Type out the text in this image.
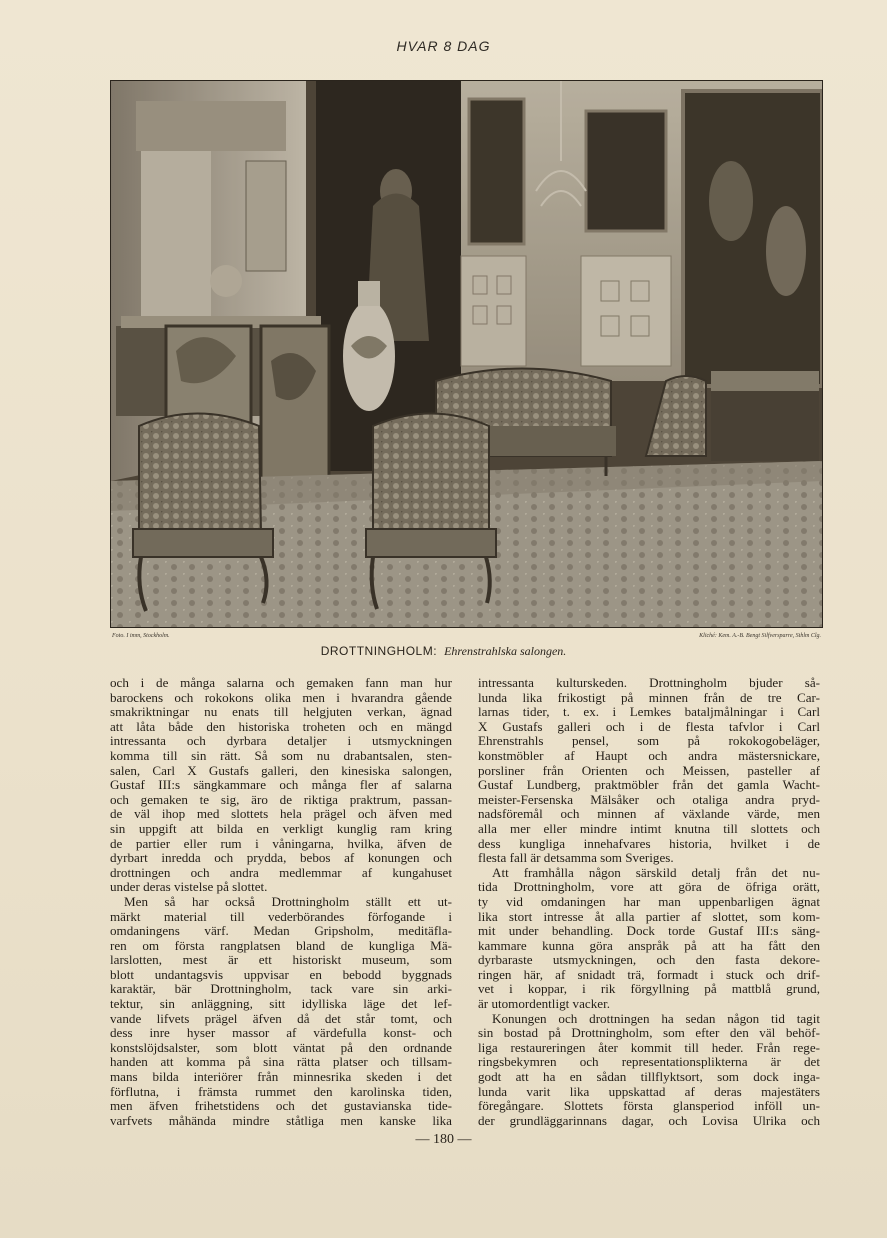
HVAR 8 DAG
Foto. I imm, Stockholm.	Kliché: Kem. A.-B. Bengt Silfversparre, Sthlm Clg.
DROTTNINGHOLM: Ehrenstrahlska salongen.
och i de många salarna och gemaken fann man hur
barockens och rokokons olika men i hvarandra gående
smakriktningar nu enats till helgjuten verkan, ägnad
att låta både den historiska troheten och en mängd
intressanta och dyrbara detaljer i utsmyckningen
komma till sin rätt. Så som nu drabantsalen, sten-
salen, Carl X Gustafs galleri, den kinesiska salongen,
Gustaf III:s sängkammare och många fler af salarna
och gemaken te sig, äro de riktiga praktrum, passan-
de väl ihop med slottets hela prägel och äfven med
sin uppgift att bilda en verkligt kunglig ram kring
de partier eller rum i våningarna, hvilka, äfven de
dyrbart inredda och prydda, bebos af konungen och
drottningen och andra medlemmar af kungahuset
under deras vistelse på slottet.
Men så har också Drottningholm ställt ett ut-
märkt material till vederbörandes förfogande i
omdaningens värf. Medan Gripsholm, meditäfla-
ren om första rangplatsen bland de kungliga Mä-
larslotten, mest är ett historiskt museum, som
blott undantagsvis uppvisar en bebodd byggnads
karaktär, bär Drottningholm, tack vare sin arki-
tektur, sin anläggning, sitt idylliska läge det lef-
vande lifvets prägel äfven då det står tomt, och
dess inre hyser massor af värdefulla konst- och
konstslöjdsalster, som blott väntat på den ordnande
handen att komma på sina rätta platser och tillsam-
mans bilda interiörer från minnesrika skeden i det
förflutna, i främsta rummet den karolinska tiden,
men äfven frihetstidens och det gustavianska tide-
varfvets måhända mindre ståtliga men kanske lika
intressanta kulturskeden. Drottningholm bjuder så-
lunda lika frikostigt på minnen från de tre Car-
larnas tider, t. ex. i Lemkes bataljmålningar i Carl
X Gustafs galleri och i de flesta tafvlor i Carl
Ehrenstrahls pensel, som på rokokogobeläger,
konstmöbler af Haupt och andra mästersnickare,
porsliner från Orienten och Meissen, pasteller af
Gustaf Lundberg, praktmöbler från det gamla Wacht-
meister-Fersenska Mälsåker och otaliga andra pryd-
nadsföremål och minnen af växlande värde, men
alla mer eller mindre intimt knutna till slottets och
dess kungliga innehafvares historia, hvilket i de
flesta fall är detsamma som Sveriges.
Att framhålla någon särskild detalj från det nu-
tida Drottningholm, vore att göra de öfriga orätt,
ty vid omdaningen har man uppenbarligen ägnat
lika stort intresse åt alla partier af slottet, som kom-
mit under behandling. Dock torde Gustaf III:s säng-
kammare kunna göra anspråk på att ha fått den
dyrbaraste utsmyckningen, och den fasta dekore-
ringen här, af snidadt trä, formadt i stuck och drif-
vet i koppar, i rik förgyllning på mattblå grund,
är utomordentligt vacker.
Konungen och drottningen ha sedan någon tid tagit
sin bostad på Drottningholm, som efter den väl behöf-
liga restaureringen åter kommit till heder. Från rege-
ringsbekymren och representationsplikterna är det
godt att ha en sådan tillflyktsort, som dock inga-
lunda varit lika uppskattad af deras majestäters
föregångare. Slottets första glansperiod inföll un-
der grundläggarinnans dagar, och Lovisa Ulrika och
— 180 —
